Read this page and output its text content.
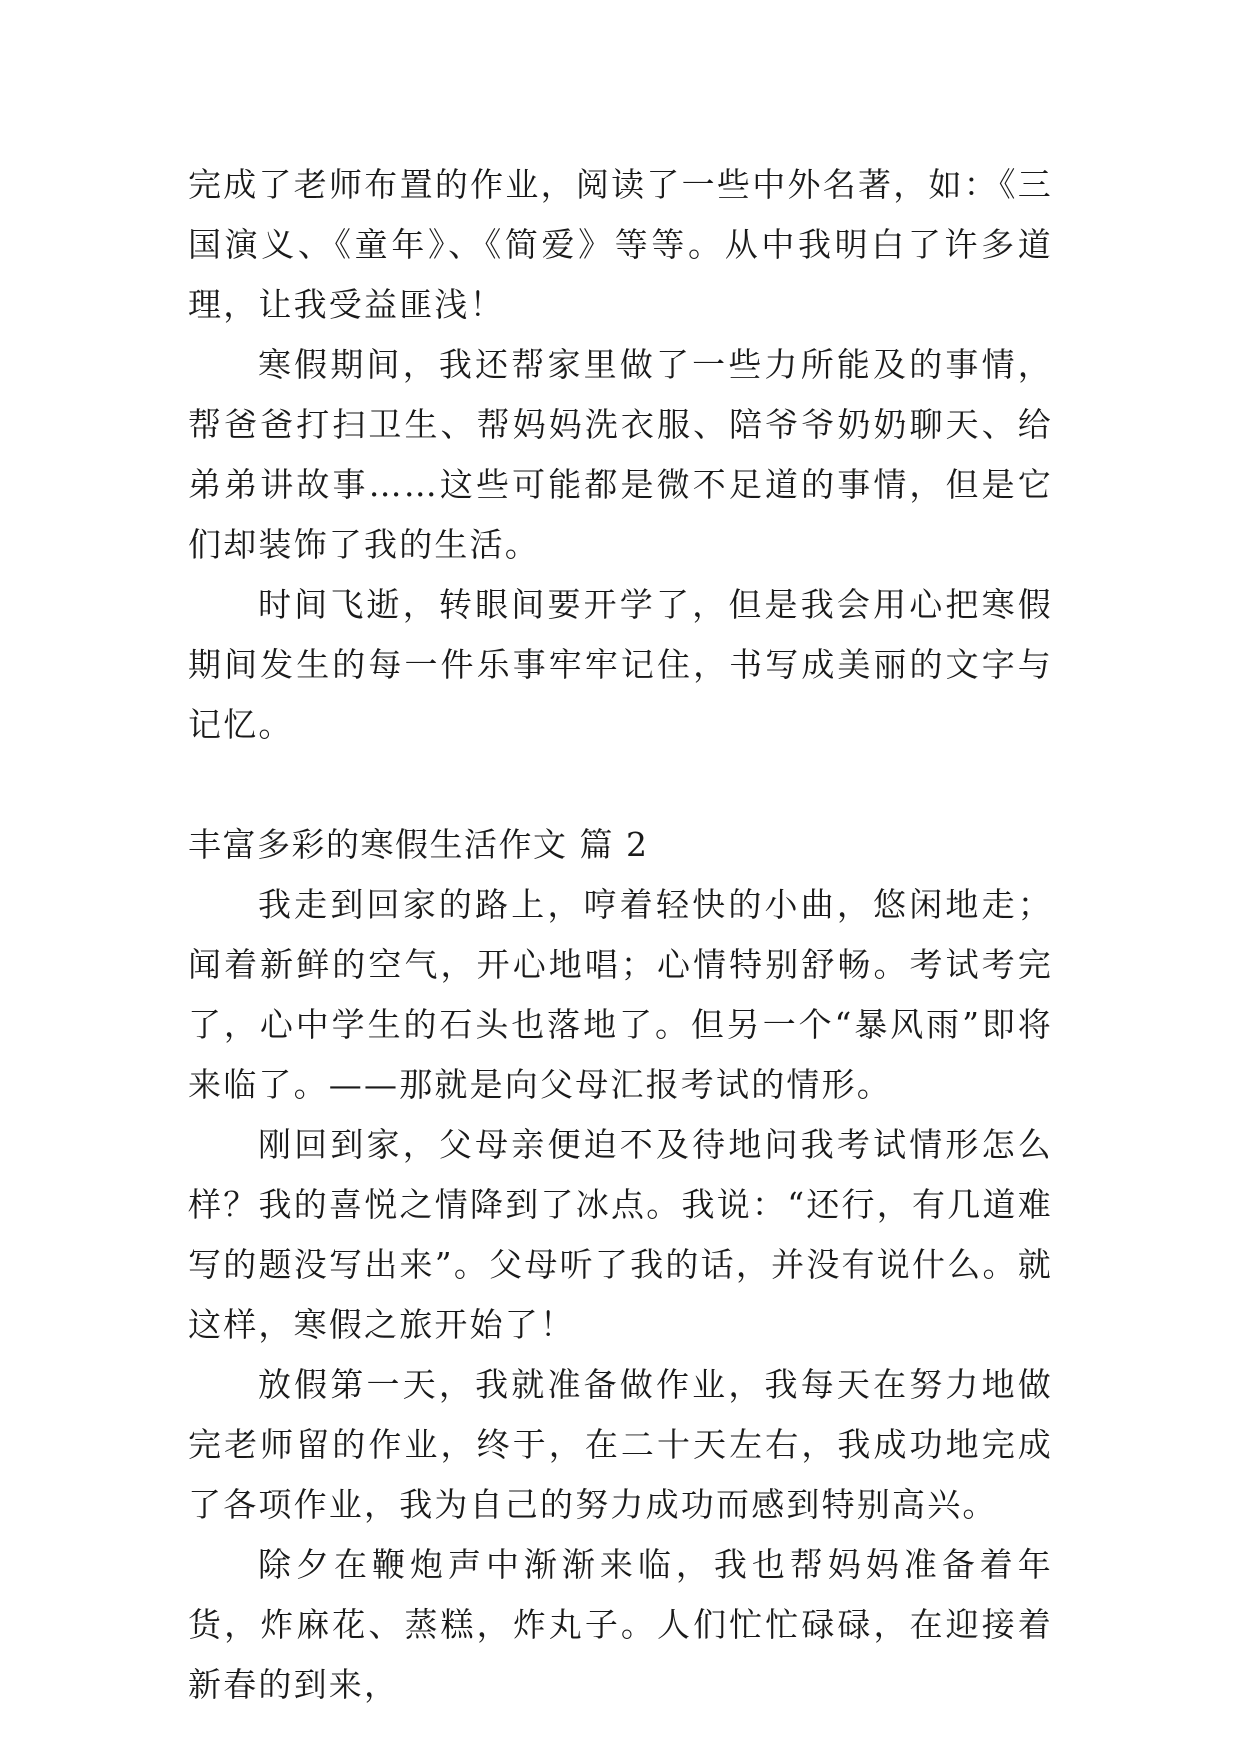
完成了老师布置的作业，阅读了一些中外名著，如：《三国演义、《童年》、《简爱》等等。从中我明白了许多道理，让我受益匪浅！

寒假期间，我还帮家里做了一些力所能及的事情，帮爸爸打扫卫生、帮妈妈洗衣服、陪爷爷奶奶聊天、给弟弟讲故事……这些可能都是微不足道的事情，但是它们却装饰了我的生活。

时间飞逝，转眼间要开学了，但是我会用心把寒假期间发生的每一件乐事牢牢记住，书写成美丽的文字与记忆。

丰富多彩的寒假生活作文 篇 2

我走到回家的路上，哼着轻快的小曲，悠闲地走；闻着新鲜的空气，开心地唱；心情特别舒畅。考试考完了，心中学生的石头也落地了。但另一个“暴风雨”即将来临了。——那就是向父母汇报考试的情形。

刚回到家，父母亲便迫不及待地问我考试情形怎么样？我的喜悦之情降到了冰点。我说：“还行，有几道难写的题没写出来”。父母听了我的话，并没有说什么。就这样，寒假之旅开始了！

放假第一天，我就准备做作业，我每天在努力地做完老师留的作业，终于，在二十天左右，我成功地完成了各项作业，我为自己的努力成功而感到特别高兴。

除夕在鞭炮声中渐渐来临，我也帮妈妈准备着年货，炸麻花、蒸糕，炸丸子。人们忙忙碌碌，在迎接着新春的到来，
